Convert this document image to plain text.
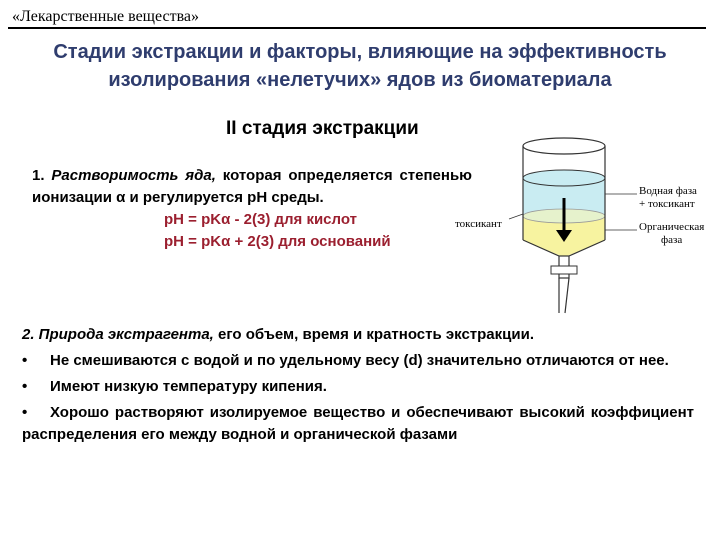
«Лекарственные вещества»
Стадии экстракции и факторы, влияющие на эффективность
изолирования «нелетучих» ядов из биоматериала
II стадия экстракции
1. Растворимость яда, которая определяется степенью ионизации α и регулируется pH среды.
pH = pKα - 2(3) для кислот
pH = pKα + 2(3) для оснований
токсикант
Водная фаза
+ токсикант
Органическая
фаза

2. Природа экстрагента, его объем, время и кратность экстракции.

• Не смешиваются с водой и по удельному весу (d) значительно отличаются от нее.

• Имеют низкую температуру кипения.

• Хорошо растворяют изолируемое вещество и обеспечивают высокий коэффициент распределения его между водной и органической фазами
